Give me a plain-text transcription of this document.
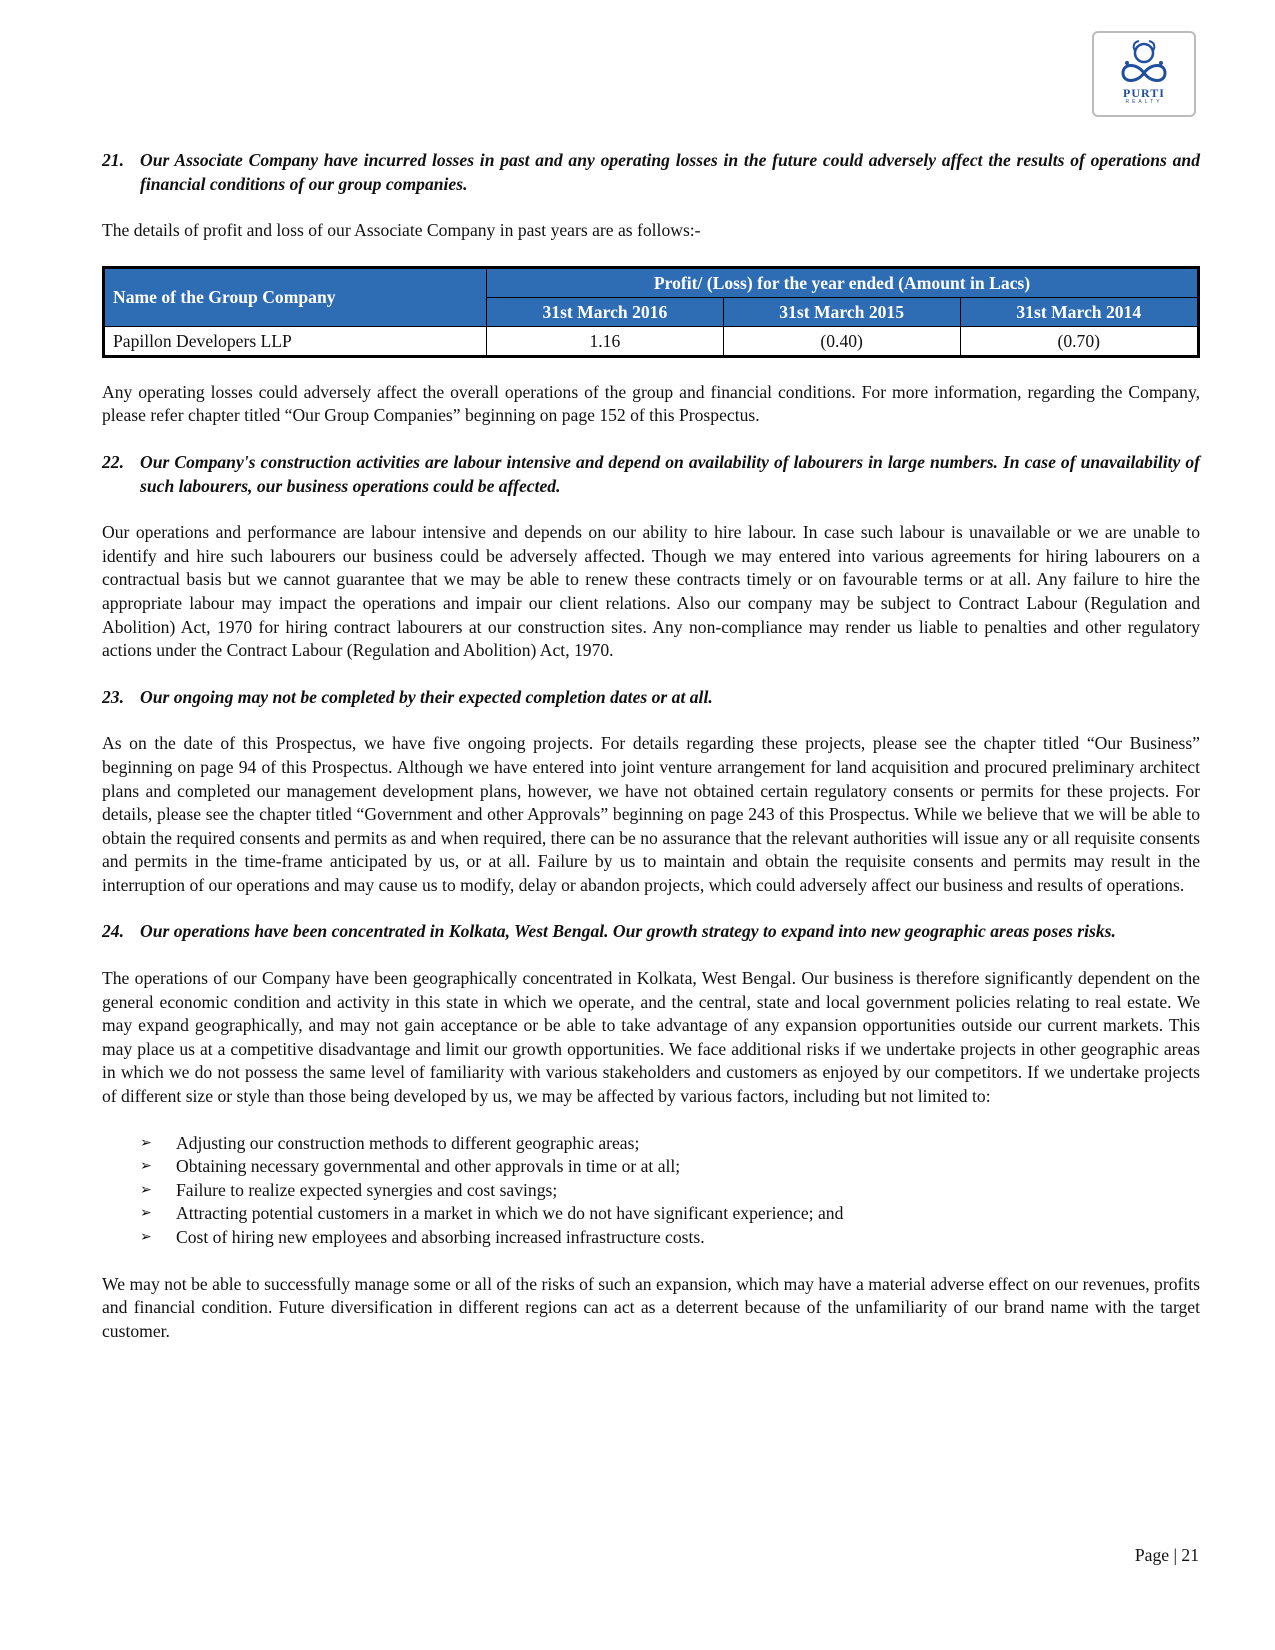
PURTI
REALTY
21. Our Associate Company have incurred losses in past and any operating losses in the future could adversely affect the results of operations and financial conditions of our group companies.

The details of profit and loss of our Associate Company in past years are as follows:-

Name of the Group Company	Profit/ (Loss) for the year ended (Amount in Lacs)		
	31st March 2016	31st March 2015	31st March 2014
Papillon Developers LLP	1.16	(0.40)	(0.70)

Any operating losses could adversely affect the overall operations of the group and financial conditions. For more information, regarding the Company, please refer chapter titled “Our Group Companies” beginning on page 152 of this Prospectus.

22. Our Company's construction activities are labour intensive and depend on availability of labourers in large numbers. In case of unavailability of such labourers, our business operations could be affected.

Our operations and performance are labour intensive and depends on our ability to hire labour. In case such labour is unavailable or we are unable to identify and hire such labourers our business could be adversely affected. Though we may entered into various agreements for hiring labourers on a contractual basis but we cannot guarantee that we may be able to renew these contracts timely or on favourable terms or at all. Any failure to hire the appropriate labour may impact the operations and impair our client relations. Also our company may be subject to Contract Labour (Regulation and Abolition) Act, 1970 for hiring contract labourers at our construction sites. Any non-compliance may render us liable to penalties and other regulatory actions under the Contract Labour (Regulation and Abolition) Act, 1970.

23. Our ongoing may not be completed by their expected completion dates or at all.

As on the date of this Prospectus, we have five ongoing projects. For details regarding these projects, please see the chapter titled “Our Business” beginning on page 94 of this Prospectus. Although we have entered into joint venture arrangement for land acquisition and procured preliminary architect plans and completed our management development plans, however, we have not obtained certain regulatory consents or permits for these projects. For details, please see the chapter titled “Government and other Approvals” beginning on page 243 of this Prospectus. While we believe that we will be able to obtain the required consents and permits as and when required, there can be no assurance that the relevant authorities will issue any or all requisite consents and permits in the time-frame anticipated by us, or at all. Failure by us to maintain and obtain the requisite consents and permits may result in the interruption of our operations and may cause us to modify, delay or abandon projects, which could adversely affect our business and results of operations.

24. Our operations have been concentrated in Kolkata, West Bengal. Our growth strategy to expand into new geographic areas poses risks.

The operations of our Company have been geographically concentrated in Kolkata, West Bengal. Our business is therefore significantly dependent on the general economic condition and activity in this state in which we operate, and the central, state and local government policies relating to real estate. We may expand geographically, and may not gain acceptance or be able to take advantage of any expansion opportunities outside our current markets. This may place us at a competitive disadvantage and limit our growth opportunities. We face additional risks if we undertake projects in other geographic areas in which we do not possess the same level of familiarity with various stakeholders and customers as enjoyed by our competitors. If we undertake projects of different size or style than those being developed by us, we may be affected by various factors, including but not limited to:

➢	Adjusting our construction methods to different geographic areas;
➢	Obtaining necessary governmental and other approvals in time or at all;
➢	Failure to realize expected synergies and cost savings;
➢	Attracting potential customers in a market in which we do not have significant experience; and
➢	Cost of hiring new employees and absorbing increased infrastructure costs.

We may not be able to successfully manage some or all of the risks of such an expansion, which may have a material adverse effect on our revenues, profits and financial condition. Future diversification in different regions can act as a deterrent because of the unfamiliarity of our brand name with the target customer.

Page | 21
